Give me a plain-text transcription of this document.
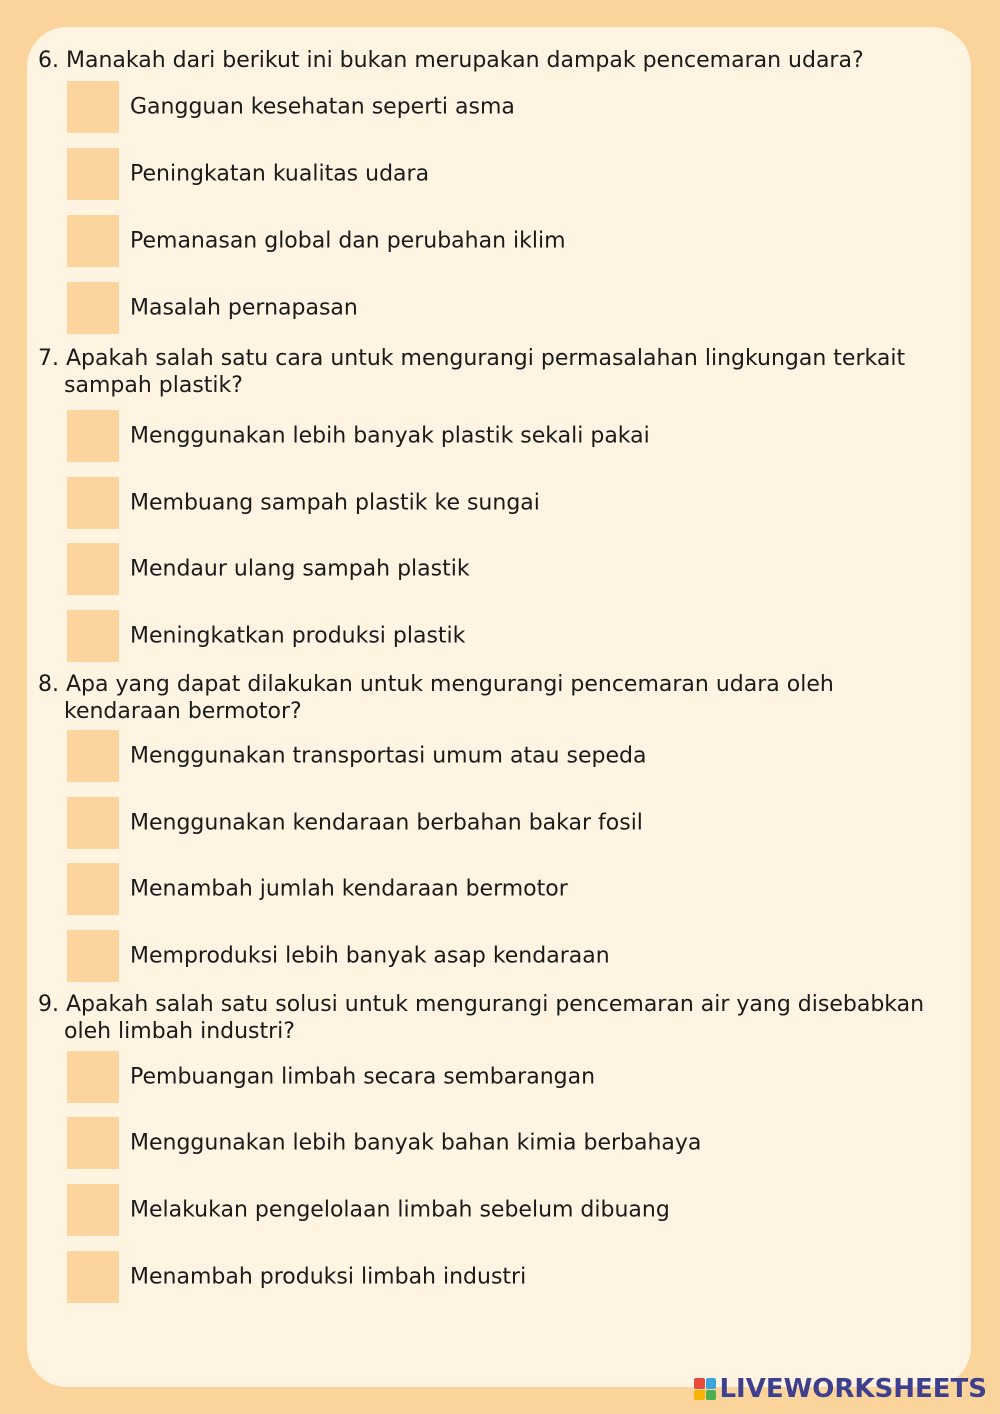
6. Manakah dari berikut ini bukan merupakan dampak pencemaran udara?
Gangguan kesehatan seperti asma
Peningkatan kualitas udara
Pemanasan global dan perubahan iklim
Masalah pernapasan
7. Apakah salah satu cara untuk mengurangi permasalahan lingkungan terkait sampah plastik?
Menggunakan lebih banyak plastik sekali pakai
Membuang sampah plastik ke sungai
Mendaur ulang sampah plastik
Meningkatkan produksi plastik
8. Apa yang dapat dilakukan untuk mengurangi pencemaran udara oleh kendaraan bermotor?
Menggunakan transportasi umum atau sepeda
Menggunakan kendaraan berbahan bakar fosil
Menambah jumlah kendaraan bermotor
Memproduksi lebih banyak asap kendaraan
9. Apakah salah satu solusi untuk mengurangi pencemaran air yang disebabkan oleh limbah industri?
Pembuangan limbah secara sembarangan
Menggunakan lebih banyak bahan kimia berbahaya
Melakukan pengelolaan limbah sebelum dibuang
Menambah produksi limbah industri
LIVEWORKSHEETS
